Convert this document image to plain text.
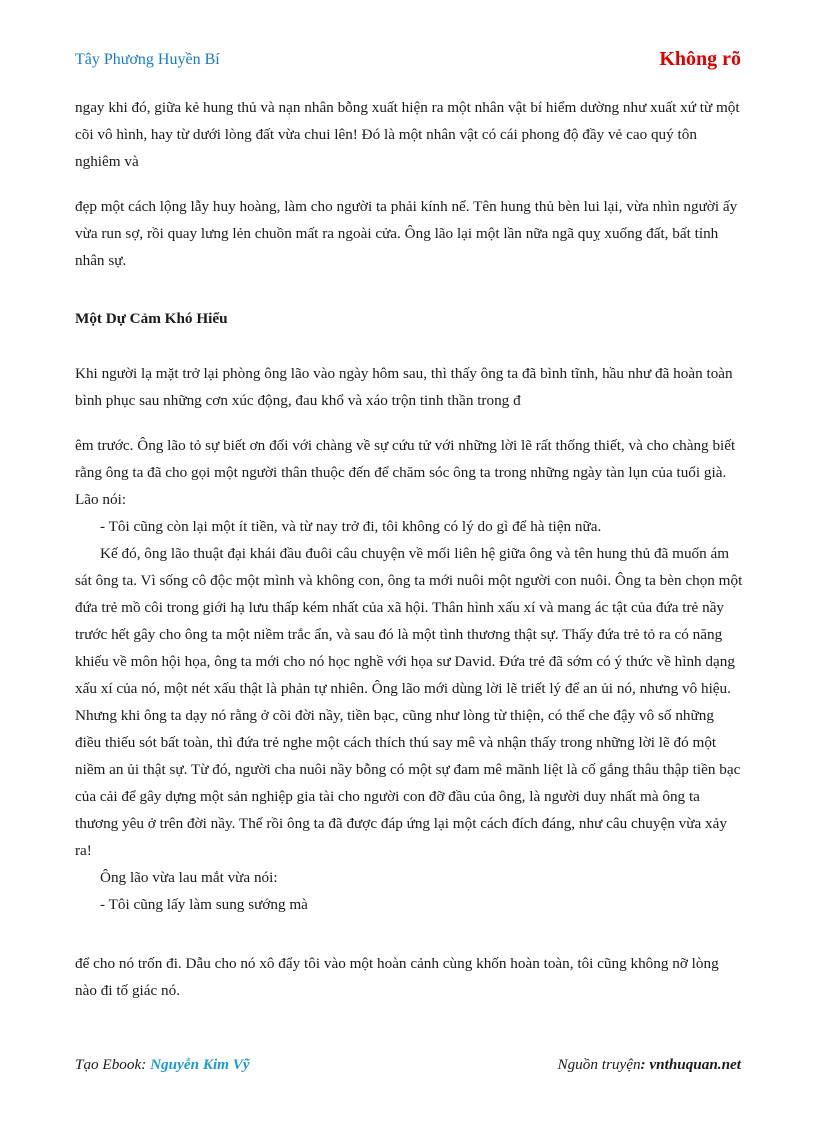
Tây Phương Huyền Bí	Không rõ

ngay khi đó, giữa kẻ hung thủ và nạn nhân bỗng xuất hiện ra một nhân vật bí hiểm dường như xuất xứ từ một cõi vô hình, hay từ dưới lòng đất vừa chui lên! Đó là một nhân vật có cái phong độ đầy vẻ cao quý tôn nghiêm và

đẹp một cách lộng lẫy huy hoàng, làm cho người ta phải kính nể. Tên hung thủ bèn lui lại, vừa nhìn người ấy vừa run sợ, rồi quay lưng lẻn chuồn mất ra ngoài cửa. Ông lão lại một lần nữa ngã quỵ xuống đất, bất tỉnh nhân sự.

Một Dự Cảm Khó Hiểu

Khi người lạ mặt trở lại phòng ông lão vào ngày hôm sau, thì thấy ông ta đã bình tĩnh, hầu như đã hoàn toàn bình phục sau những cơn xúc động, đau khổ và xáo trộn tinh thần trong đ

êm trước. Ông lão tỏ sự biết ơn đối với chàng về sự cứu tử với những lời lẽ rất thống thiết, và cho chàng biết rằng ông ta đã cho gọi một người thân thuộc đến để chăm sóc ông ta trong những ngày tàn lụn của tuổi già. Lão nói:

- Tôi cũng còn lại một ít tiền, và từ nay trở đi, tôi không có lý do gì để hà tiện nữa.

Kế đó, ông lão thuật đại khái đầu đuôi câu chuyện về mối liên hệ giữa ông và tên hung thủ đã muốn ám sát ông ta. Vì sống cô độc một mình và không con, ông ta mới nuôi một người con nuôi. Ông ta bèn chọn một đứa trẻ mồ côi trong giới hạ lưu thấp kém nhất của xã hội. Thân hình xấu xí và mang ác tật của đứa trẻ nầy trước hết gây cho ông ta một niềm trắc ẩn, và sau đó là một tình thương thật sự. Thấy đứa trẻ tỏ ra có năng khiếu về môn hội họa, ông ta mới cho nó học nghề với họa sư David. Đứa trẻ đã sớm có ý thức về hình dạng xấu xí của nó, một nét xấu thật là phản tự nhiên. Ông lão mới dùng lời lẽ triết lý để an ủi nó, nhưng vô hiệu. Nhưng khi ông ta dạy nó rằng ở cõi đời nầy, tiền bạc, cũng như lòng từ thiện, có thể che đậy vô số những điều thiếu sót bất toàn, thì đứa trẻ nghe một cách thích thú say mê và nhận thấy trong những lời lẽ đó một niềm an ủi thật sự. Từ đó, người cha nuôi nầy bỗng có một sự đam mê mãnh liệt là cố gắng thâu thập tiền bạc của cải để gây dựng một sản nghiệp gia tài cho người con đỡ đầu của ông, là người duy nhất mà ông ta thương yêu ở trên đời nầy. Thế rồi ông ta đã được đáp ứng lại một cách đích đáng, như câu chuyện vừa xảy ra!

Ông lão vừa lau mắt vừa nói:

- Tôi cũng lấy làm sung sướng mà

để cho nó trốn đi. Dẫu cho nó xô đẩy tôi vào một hoàn cảnh cùng khốn hoàn toàn, tôi cũng không nỡ lòng nào đi tố giác nó.

Tạo Ebook: Nguyễn Kim Vỹ	Nguồn truyện: vnthuquan.net
